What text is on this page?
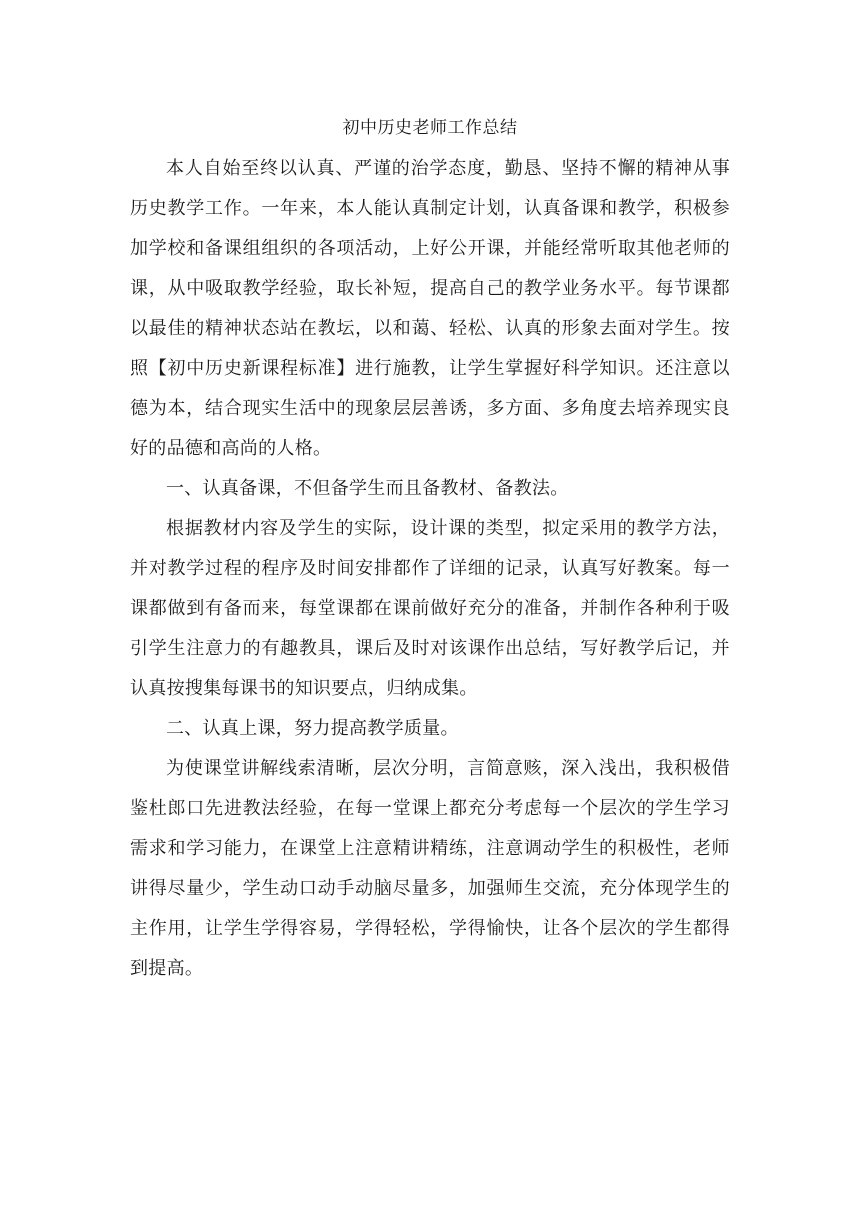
初中历史老师工作总结

本人自始至终以认真、严谨的治学态度，勤恳、坚持不懈的精神从事历史教学工作。一年来，本人能认真制定计划，认真备课和教学，积极参加学校和备课组组织的各项活动，上好公开课，并能经常听取其他老师的课，从中吸取教学经验，取长补短，提高自己的教学业务水平。每节课都以最佳的精神状态站在教坛，以和蔼、轻松、认真的形象去面对学生。按照【初中历史新课程标准】进行施教，让学生掌握好科学知识。还注意以德为本，结合现实生活中的现象层层善诱，多方面、多角度去培养现实良好的品德和高尚的人格。

一、认真备课，不但备学生而且备教材、备教法。

根据教材内容及学生的实际，设计课的类型，拟定采用的教学方法，并对教学过程的程序及时间安排都作了详细的记录，认真写好教案。每一课都做到有备而来，每堂课都在课前做好充分的准备，并制作各种利于吸引学生注意力的有趣教具，课后及时对该课作出总结，写好教学后记，并认真按搜集每课书的知识要点，归纳成集。

二、认真上课，努力提高教学质量。

为使课堂讲解线索清晰，层次分明，言简意赅，深入浅出，我积极借鉴杜郎口先进教法经验，在每一堂课上都充分考虑每一个层次的学生学习需求和学习能力，在课堂上注意精讲精练，注意调动学生的积极性，老师讲得尽量少，学生动口动手动脑尽量多，加强师生交流，充分体现学生的主作用，让学生学得容易，学得轻松，学得愉快，让各个层次的学生都得到提高。
